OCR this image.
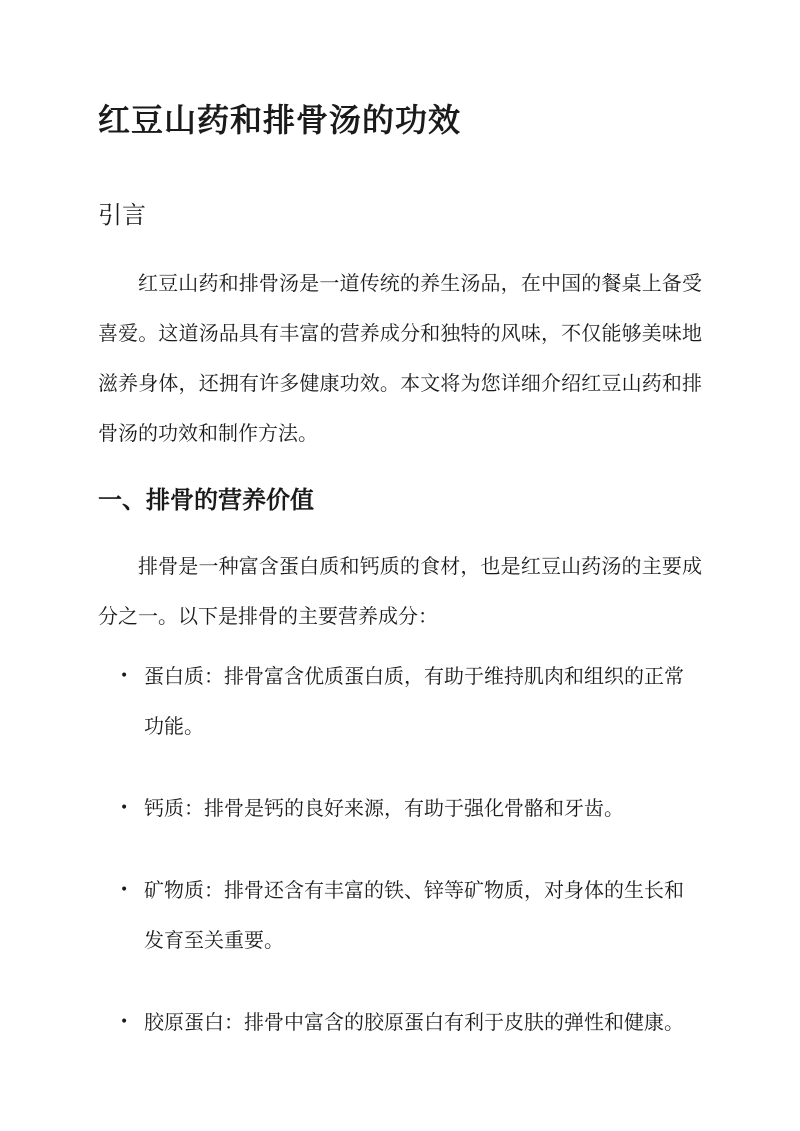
红豆山药和排骨汤的功效
引言

红豆山药和排骨汤是一道传统的养生汤品，在中国的餐桌上备受喜爱。这道汤品具有丰富的营养成分和独特的风味，不仅能够美味地滋养身体，还拥有许多健康功效。本文将为您详细介绍红豆山药和排骨汤的功效和制作方法。

一、排骨的营养价值

排骨是一种富含蛋白质和钙质的食材，也是红豆山药汤的主要成分之一。以下是排骨的主要营养成分：

• 蛋白质：排骨富含优质蛋白质，有助于维持肌肉和组织的正常功能。
• 钙质：排骨是钙的良好来源，有助于强化骨骼和牙齿。
• 矿物质：排骨还含有丰富的铁、锌等矿物质，对身体的生长和发育至关重要。
• 胶原蛋白：排骨中富含的胶原蛋白有利于皮肤的弹性和健康。
